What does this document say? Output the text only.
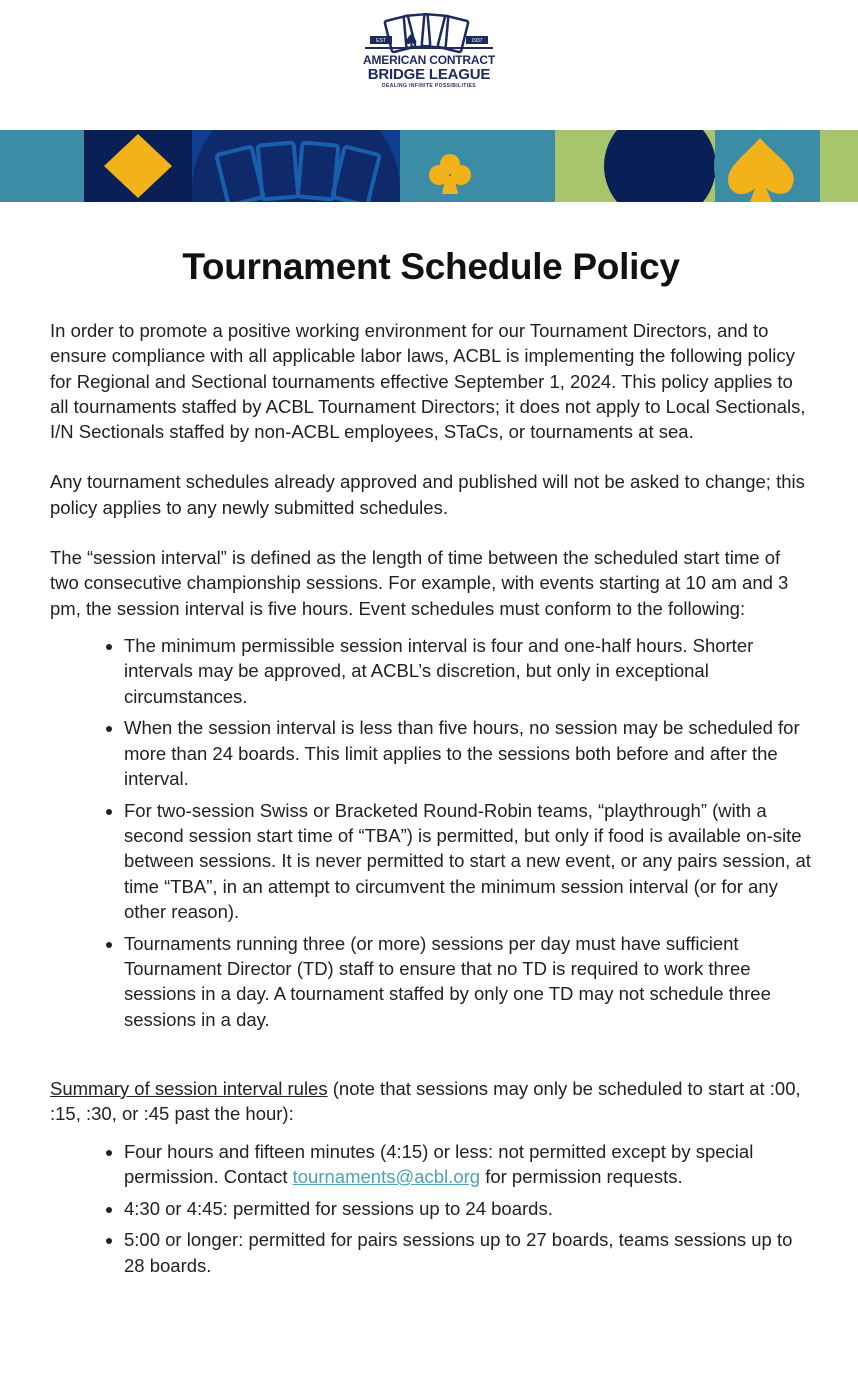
EST	1937
AMERICAN CONTRACT
BRIDGE LEAGUE
DEALING INFINITE POSSIBILITIES
Tournament Schedule Policy

In order to promote a positive working environment for our Tournament Directors, and to ensure compliance with all applicable labor laws, ACBL is implementing the following policy for Regional and Sectional tournaments effective September 1, 2024. This policy applies to all tournaments staffed by ACBL Tournament Directors; it does not apply to Local Sectionals, I/N Sectionals staffed by non-ACBL employees, STaCs, or tournaments at sea.

Any tournament schedules already approved and published will not be asked to change; this policy applies to any newly submitted schedules.

The “session interval” is defined as the length of time between the scheduled start time of two consecutive championship sessions. For example, with events starting at 10 am and 3 pm, the session interval is five hours. Event schedules must conform to the following:

• The minimum permissible session interval is four and one-half hours. Shorter intervals may be approved, at ACBL’s discretion, but only in exceptional circumstances.
• When the session interval is less than five hours, no session may be scheduled for more than 24 boards. This limit applies to the sessions both before and after the interval.
• For two-session Swiss or Bracketed Round-Robin teams, “playthrough” (with a second session start time of “TBA”) is permitted, but only if food is available on-site between sessions. It is never permitted to start a new event, or any pairs session, at time “TBA”, in an attempt to circumvent the minimum session interval (or for any other reason).
• Tournaments running three (or more) sessions per day must have sufficient Tournament Director (TD) staff to ensure that no TD is required to work three sessions in a day. A tournament staffed by only one TD may not schedule three sessions in a day.

Summary of session interval rules (note that sessions may only be scheduled to start at :00, :15, :30, or :45 past the hour):

• Four hours and fifteen minutes (4:15) or less: not permitted except by special permission. Contact tournaments@acbl.org for permission requests.
• 4:30 or 4:45: permitted for sessions up to 24 boards.
• 5:00 or longer: permitted for pairs sessions up to 27 boards, teams sessions up to 28 boards.
